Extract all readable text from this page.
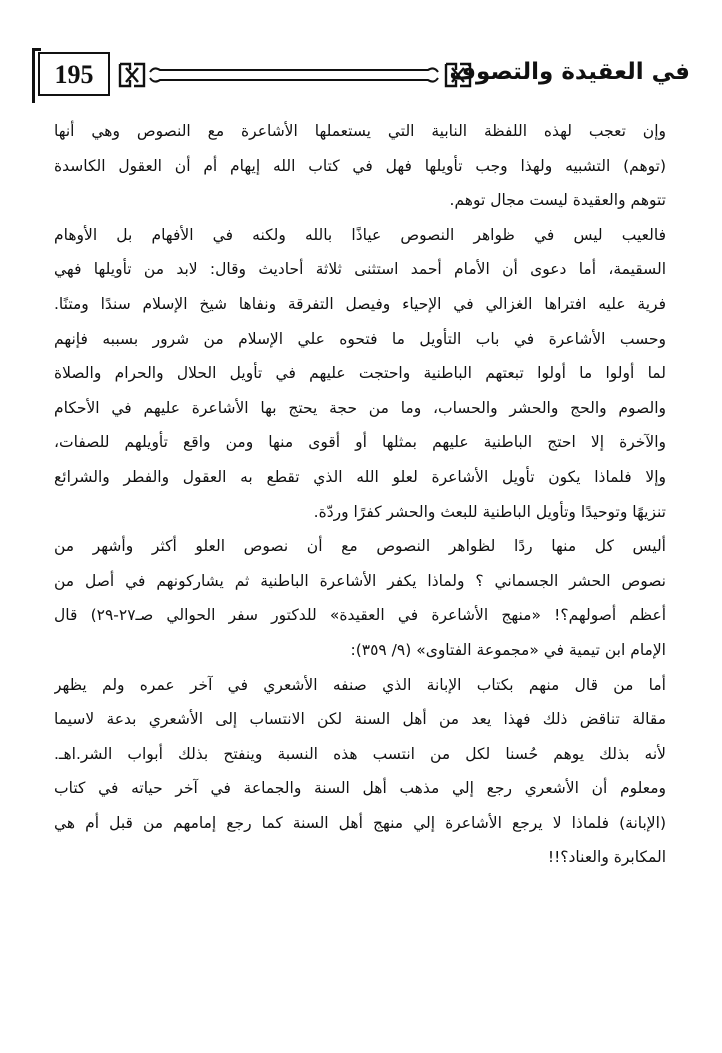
195	في العقيدة والتصوف
وإن تعجب لهذه اللفظة النابية التي يستعملها الأشاعرة مع النصوص وهي أنها
(توهم) التشبيه ولهذا وجب تأويلها فهل في كتاب الله إيهام أم أن العقول الكاسدة
تتوهم والعقيدة ليست مجال توهم.
فالعيب ليس في ظواهر النصوص عياذًا بالله ولكنه في الأفهام بل الأوهام
السقيمة، أما دعوى أن الأمام أحمد استثنى ثلاثة أحاديث وقال: لابد من تأويلها فهي
فرية عليه افتراها الغزالي في الإحياء وفيصل التفرقة ونفاها شيخ الإسلام سندًا ومتنًا.
وحسب الأشاعرة في باب التأويل ما فتحوه علي الإسلام من شرور بسببه فإنهم
لما أولوا ما أولوا تبعتهم الباطنية واحتجت عليهم في تأويل الحلال والحرام والصلاة
والصوم والحج والحشر والحساب، وما من حجة يحتج بها الأشاعرة عليهم في الأحكام
والآخرة إلا احتج الباطنية عليهم بمثلها أو أقوى منها ومن واقع تأويلهم للصفات،
وإلا فلماذا يكون تأويل الأشاعرة لعلو الله الذي تقطع به العقول والفطر والشرائع
تنزيهًا وتوحيدًا وتأويل الباطنية للبعث والحشر كفرًا وردّة.
أليس كل منها ردًا لظواهر النصوص مع أن نصوص العلو أكثر وأشهر من
نصوص الحشر الجسماني ؟ ولماذا يكفر الأشاعرة الباطنية ثم يشاركونهم في أصل من
أعظم أصولهم؟! «منهج الأشاعرة في العقيدة» للدكتور سفر الحوالي صـ٢٧-٢٩) قال
الإمام ابن تيمية في «مجموعة الفتاوى» (٩/ ٣٥٩):
أما من قال منهم بكتاب الإبانة الذي صنفه الأشعري في آخر عمره ولم يظهر
مقالة تناقض ذلك فهذا يعد من أهل السنة لكن الانتساب إلى الأشعري بدعة لاسيما
لأنه بذلك يوهم حُسنا لكل من انتسب هذه النسبة وينفتح بذلك أبواب الشر.اهـ.
ومعلوم أن الأشعري رجع إلي مذهب أهل السنة والجماعة في آخر حياته في كتاب
(الإبانة) فلماذا لا يرجع الأشاعرة إلي منهج أهل السنة كما رجع إمامهم من قبل أم هي
المكابرة والعناد؟!!
